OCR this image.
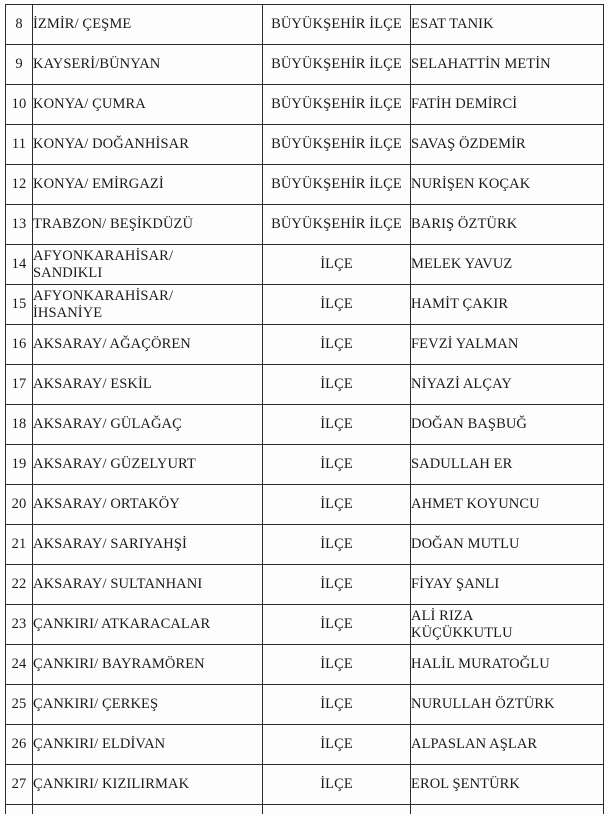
8	İZMİR/ ÇEŞME	BÜYÜKŞEHİR İLÇE	ESAT TANIK

9	KAYSERİ/BÜNYAN	BÜYÜKŞEHİR İLÇE	SELAHATTİN METİN

10	KONYA/ ÇUMRA	BÜYÜKŞEHİR İLÇE	FATİH DEMİRCİ

11	KONYA/ DOĞANHİSAR	BÜYÜKŞEHİR İLÇE	SAVAŞ ÖZDEMİR

12	KONYA/ EMİRGAZİ	BÜYÜKŞEHİR İLÇE	NURİŞEN KOÇAK

13	TRABZON/ BEŞİKDÜZÜ	BÜYÜKŞEHİR İLÇE	BARIŞ ÖZTÜRK

14	AFYONKARAHİSAR/
SANDIKLI	İLÇE	MELEK YAVUZ

15	AFYONKARAHİSAR/
İHSANİYE	İLÇE	HAMİT ÇAKIR

16	AKSARAY/ AĞAÇÖREN	İLÇE	FEVZİ YALMAN

17	AKSARAY/ ESKİL	İLÇE	NİYAZİ ALÇAY

18	AKSARAY/ GÜLAĞAÇ	İLÇE	DOĞAN BAŞBUĞ

19	AKSARAY/ GÜZELYURT	İLÇE	SADULLAH ER

20	AKSARAY/ ORTAKÖY	İLÇE	AHMET KOYUNCU

21	AKSARAY/ SARIYAHŞİ	İLÇE	DOĞAN MUTLU

22	AKSARAY/ SULTANHANI	İLÇE	FİYAY ŞANLI

23	ÇANKIRI/ ATKARACALAR	İLÇE	ALİ RIZA
KÜÇÜKKUTLU

24	ÇANKIRI/ BAYRAMÖREN	İLÇE	HALİL MURATOĞLU

25	ÇANKIRI/ ÇERKEŞ	İLÇE	NURULLAH ÖZTÜRK

26	ÇANKIRI/ ELDİVAN	İLÇE	ALPASLAN AŞLAR

27	ÇANKIRI/ KIZILIRMAK	İLÇE	EROL ŞENTÜRK
